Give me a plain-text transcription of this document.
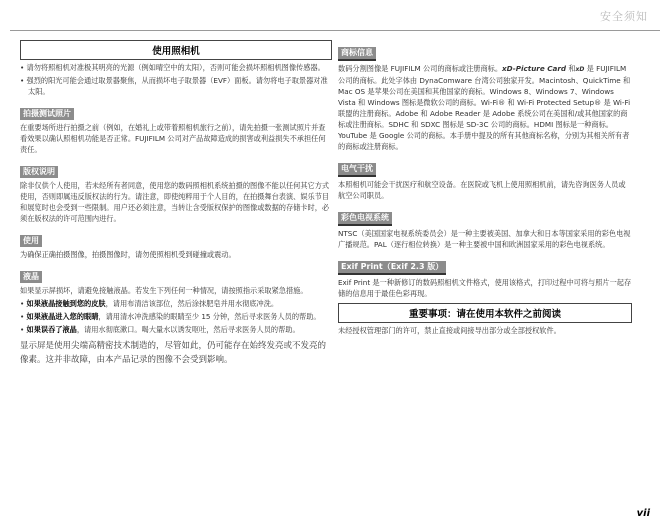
安全须知
使用照相机
• 请勿将照相机对准极其明亮的光源（例如晴空中的太阳），否则可能会损坏照相机图像传感器。
• 强烈的阳光可能会通过取景器聚焦，从而损坏电子取景器（EVF）面板。请勿将电子取景器对准太阳。
拍摄测试照片
在重要场所进行拍摄之前（例如，在婚礼上或带着照相机旅行之前），请先拍摄一张测试照片并查看效果以确认照相机功能是否正常。FUJIFILM 公司对产品故障造成的损害或利益损失不承担任何责任。
版权说明
除非仅供个人使用，若未经所有者同意，使用您的数码照相机系统拍摄的图像不能以任何其它方式使用，否则即属违反版权法的行为。请注意，即使纯粹用于个人目的，在拍摄舞台表演、娱乐节目和展览时也会受到一些限制。用户还必须注意，当转让含受版权保护的图像或数据的存储卡时，必须在版权法的许可范围内进行。
使用
为确保正确拍摄图像，拍摄图像时，请勿使照相机受到碰撞或震动。
液晶
如果显示屏损坏，请避免接触液晶。若发生下列任何一种情况，请按照指示采取紧急措施。
• 如果液晶接触到您的皮肤，请用布清洁该部位，然后涂抹肥皂并用水彻底冲洗。
• 如果液晶进入您的眼睛，请用清水冲洗感染的眼睛至少 15 分钟，然后寻求医务人员的帮助。
• 如果误吞了液晶，请用水彻底漱口。喝大量水以诱发呕吐，然后寻求医务人员的帮助。
显示屏是使用尖端高精密技术制造的，尽管如此，仍可能存在始终发亮或不发亮的像素。这并非故障，由本产品记录的图像不会受到影响。
商标信息
数码分割图像是 FUJIFILM 公司的商标或注册商标。xD-Picture Card 和xD 是 FUJIFILM 公司的商标。此处字体由 DynaComware 台湾公司独家开发。Macintosh、QuickTime 和 Mac OS 是苹果公司在美国和其他国家的商标。Windows 8、Windows 7、Windows Vista 和 Windows 图标是微软公司的商标。Wi-Fi® 和 Wi-Fi Protected Setup® 是 Wi-Fi 联盟的注册商标。Adobe 和 Adobe Reader 是 Adobe 系统公司在美国和/或其他国家的商标或注册商标。SDHC 和 SDXC 图标是 SD-3C 公司的商标。HDMI 图标是一种商标。YouTube 是 Google 公司的商标。本手册中提及的所有其他商标名称，分别为其相关所有者的商标或注册商标。
电气干扰
本照相机可能会干扰医疗和航空设备。在医院或飞机上使用照相机前，请先咨询医务人员或航空公司职员。
彩色电视系统
NTSC（美国国家电视系统委员会）是一种主要被美国、加拿大和日本等国家采用的彩色电视广播规范。PAL（逐行相位转换）是一种主要被中国和欧洲国家采用的彩色电视系统。
Exif Print（Exif 2.3 版）
Exif Print 是一种新修订的数码照相机文件格式，使用该格式，打印过程中可将与照片一起存储的信息用于最佳色彩再现。
重要事项：请在使用本软件之前阅读
未经授权管理部门的许可，禁止直接或间接导出部分或全部授权软件。
vii
